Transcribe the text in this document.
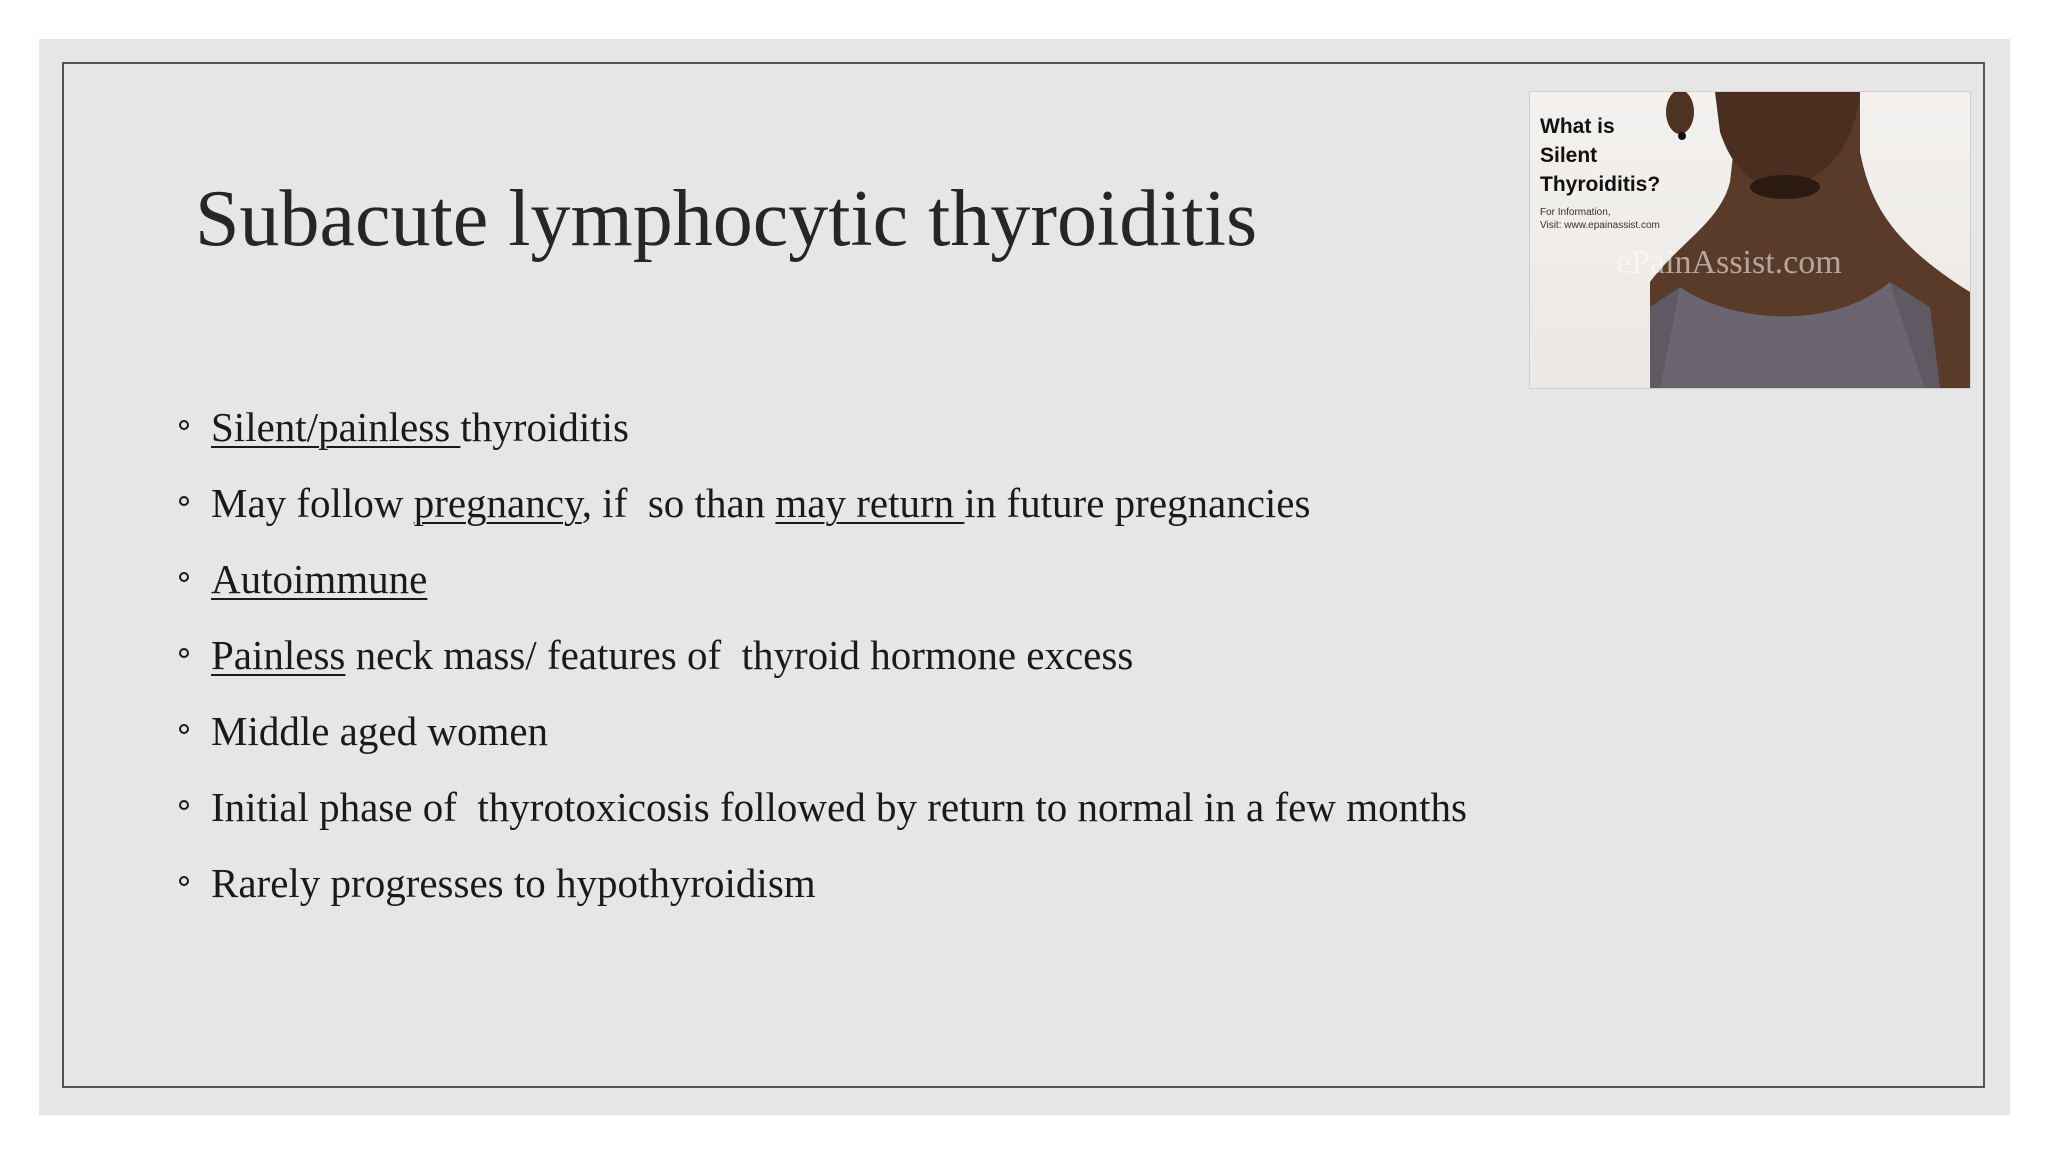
Subacute lymphocytic thyroiditis
Silent/painless thyroiditis
May follow pregnancy, if  so than may return in future pregnancies
Autoimmune
Painless neck mass/ features of  thyroid hormone excess
Middle aged women
Initial phase of  thyrotoxicosis followed by return to normal in a few months
Rarely progresses to hypothyroidism
What is
Silent
Thyroiditis?
For Information,
Visit: www.epainassist.com
ePainAssist.com
